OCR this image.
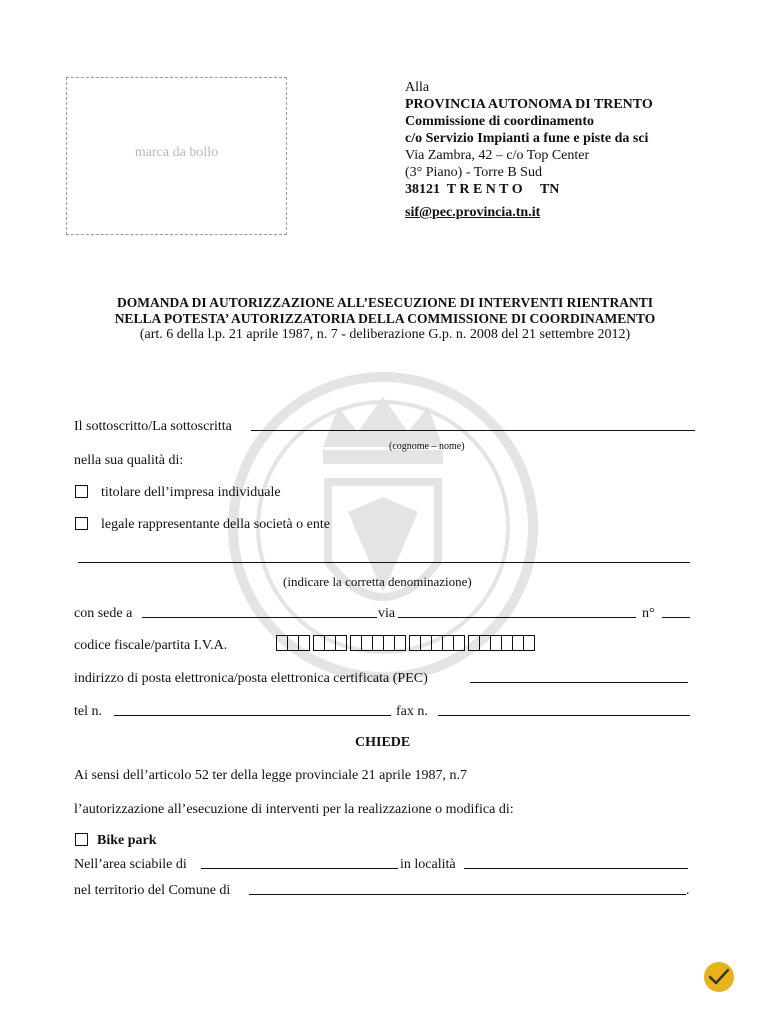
marca da bollo
Alla
PROVINCIA AUTONOMA DI TRENTO
Commissione di coordinamento
c/o Servizio Impianti a fune e piste da sci
Via Zambra, 42 – c/o Top Center
(3° Piano) - Torre B Sud
38121  T R E N T O     TN
sif@pec.provincia.tn.it
DOMANDA DI AUTORIZZAZIONE ALL’ESECUZIONE DI INTERVENTI RIENTRANTI
NELLA POTESTA’ AUTORIZZATORIA DELLA COMMISSIONE DI COORDINAMENTO
(art. 6 della l.p. 21 aprile 1987, n. 7 - deliberazione G.p. n. 2008 del 21 settembre 2012)
Il sottoscritto/La sottoscritta
(cognome – nome)
nella sua qualità di:
titolare dell’impresa individuale
legale rappresentante della società o ente
(indicare la corretta denominazione)
con sede a	via	n°
codice fiscale/partita I.V.A.
indirizzo di posta elettronica/posta elettronica certificata (PEC)
tel n.	fax n.
CHIEDE
Ai sensi dell’articolo 52 ter della legge provinciale 21 aprile 1987, n.7
l’autorizzazione all’esecuzione di interventi per la realizzazione o modifica di:
Bike park
Nell’area sciabile di	in località
nel territorio del Comune di	.
